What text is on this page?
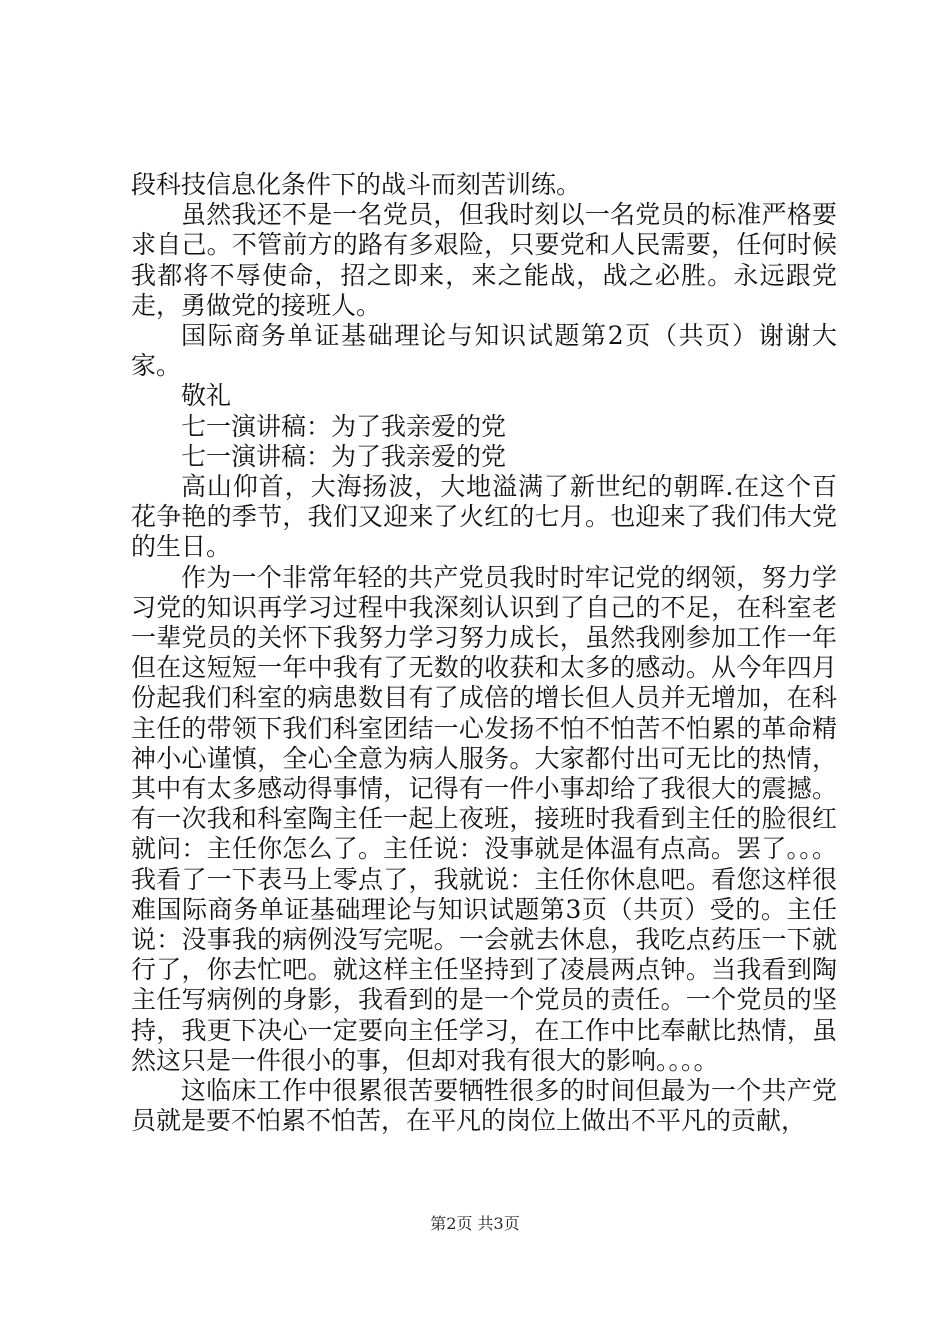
段科技信息化条件下的战斗而刻苦训练。

虽然我还不是一名党员，但我时刻以一名党员的标准严格要求自己。不管前方的路有多艰险，只要党和人民需要，任何时候我都将不辱使命，招之即来，来之能战，战之必胜。永远跟党走，勇做党的接班人。

国际商务单证基础理论与知识试题第2页（共页）谢谢大家。

敬礼

七一演讲稿：为了我亲爱的党

七一演讲稿：为了我亲爱的党

高山仰首，大海扬波，大地溢满了新世纪的朝晖.在这个百花争艳的季节，我们又迎来了火红的七月。也迎来了我们伟大党的生日。

作为一个非常年轻的共产党员我时时牢记党的纲领，努力学习党的知识再学习过程中我深刻认识到了自己的不足，在科室老一辈党员的关怀下我努力学习努力成长，虽然我刚参加工作一年但在这短短一年中我有了无数的收获和太多的感动。从今年四月份起我们科室的病患数目有了成倍的增长但人员并无增加，在科主任的带领下我们科室团结一心发扬不怕不怕苦不怕累的革命精神小心谨慎，全心全意为病人服务。大家都付出可无比的热情，其中有太多感动得事情，记得有一件小事却给了我很大的震撼。有一次我和科室陶主任一起上夜班，接班时我看到主任的脸很红就问：主任你怎么了。主任说：没事就是体温有点高。罢了。。。我看了一下表马上零点了，我就说：主任你休息吧。看您这样很难国际商务单证基础理论与知识试题第3页（共页）受的。主任说：没事我的病例没写完呢。一会就去休息，我吃点药压一下就行了，你去忙吧。就这样主任坚持到了凌晨两点钟。当我看到陶主任写病例的身影，我看到的是一个党员的责任。一个党员的坚持，我更下决心一定要向主任学习，在工作中比奉献比热情，虽然这只是一件很小的事，但却对我有很大的影响。。。。

这临床工作中很累很苦要牺牲很多的时间但最为一个共产党员就是要不怕累不怕苦，在平凡的岗位上做出不平凡的贡献，

第2页 共3页
